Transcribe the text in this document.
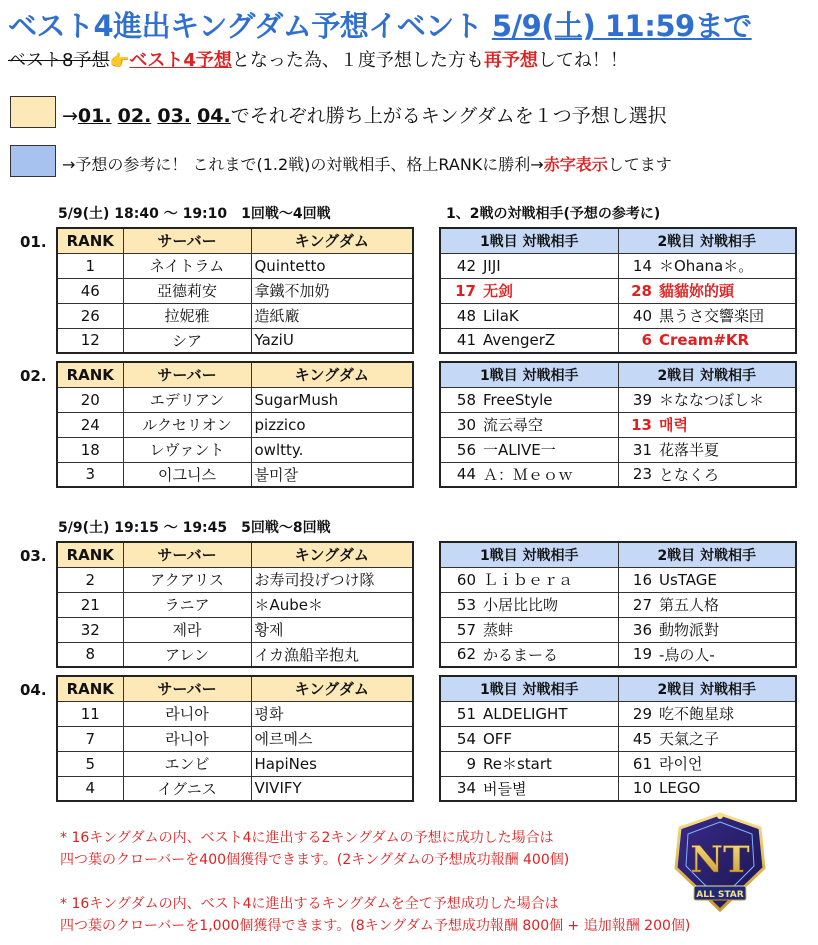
ベスト4進出キングダム予想イベント 5/9(土) 11:59まで
ベスト8予想👉ベスト4予想となった為、１度予想した方も再予想してね！！
→01. 02. 03. 04.でそれぞれ勝ち上がるキングダムを１つ予想し選択
→予想の参考に！ これまで(1.2戦)の対戦相手、格上RANKに勝利→赤字表示してます
5/9(土) 18:40 〜 19:10　1回戦〜4回戦	1、2戦の対戦相手(予想の参考に)
5/9(土) 19:15 〜 19:45　5回戦〜8回戦
01. RANK	サーバー	キングダム
1	ネイトラム	Quintetto
46	亞德莉安	拿鐵不加奶
26	拉妮雅	造紙廠
12	シア	YaziU
1戦目 対戦相手		2戦目 対戦相手	
42	JIJI	14	＊Ohana＊。
17	无剑	28	貓貓妳的頭
48	LilaK	40	黒うさ交響楽団
41	AvengerZ	6	Cream#KR
02. RANK	サーバー	キングダム
20	エデリアン	SugarMush
24	ルクセリオン	pizzico
18	レヴァント	owltty.
3	이그니스	불미잘
1戦目 対戦相手		2戦目 対戦相手	
58	FreeStyle	39	＊ななつぼし＊
30	流云尋空	13	매력
56	一ALIVE一	31	花落半夏
44	Ａ：Ｍｅｏｗ	23	となくろ
03. RANK	サーバー	キングダム
2	アクアリス	お寿司投げつけ隊
21	ラニア	＊Aube＊
32	제라	황제
8	アレン	イカ漁船辛抱丸
1戦目 対戦相手		2戦目 対戦相手	
60	Ｌｉｂｅｒａ	16	UsTAGE
53	小居比比吻	27	第五人格
57	蒸蚌	36	動物派對
62	かるまーる	19	-鳥の人-
04. RANK	サーバー	キングダム
11	라니아	평화
7	라니아	에르메스
5	エンビ	HapiNes
4	イグニス	VIVIFY
1戦目 対戦相手		2戦目 対戦相手	
51	ALDELIGHT	29	吃不飽星球
54	OFF	45	天氣之子
9	Re＊start	61	라이언
34	버들별	10	LEGO
* 16キングダムの内、ベスト4に進出する2キングダムの予想に成功した場合は
四つ葉のクローバーを400個獲得できます。(2キングダムの予想成功報酬 400個)
* 16キングダムの内、ベスト4に進出するキングダムを全て予想成功した場合は
四つ葉のクローバーを1,000個獲得できます。(8キングダム予想成功報酬 800個 + 追加報酬 200個)
NT
ALL STAR
